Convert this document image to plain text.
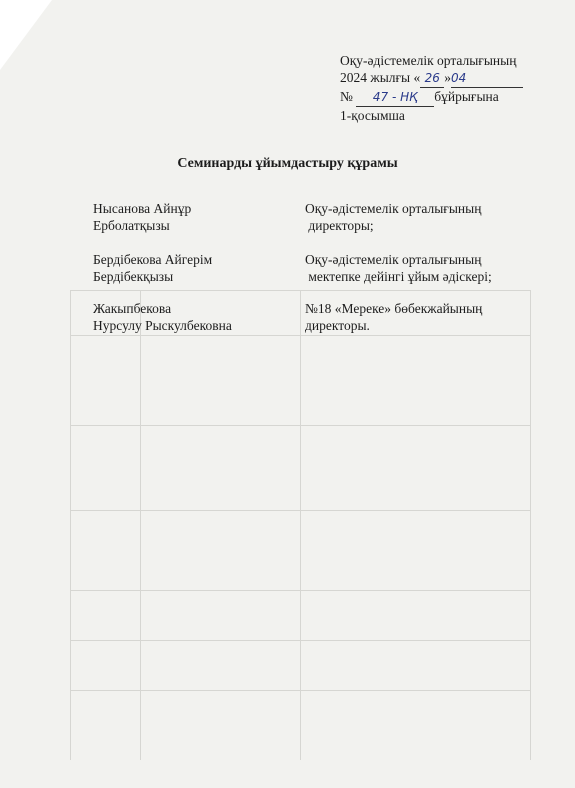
Оқу-әдістемелік орталығының
2024 жылғы « 26 »04
№ 47 - НҚ бұйрығына
1-қосымша
Семинарды ұйымдастыру құрамы
Нысанова Айнұр
Ерболатқызы
Оқу-әдістемелік орталығының
директоры;
Бердібекова Айгерім
Бердібекқызы
Оқу-әдістемелік орталығының
мектепке дейінгі ұйым әдіскері;
Жакыпбекова
Нурсулу Рыскулбековна
№18 «Мереке» бөбекжайының
директоры.
